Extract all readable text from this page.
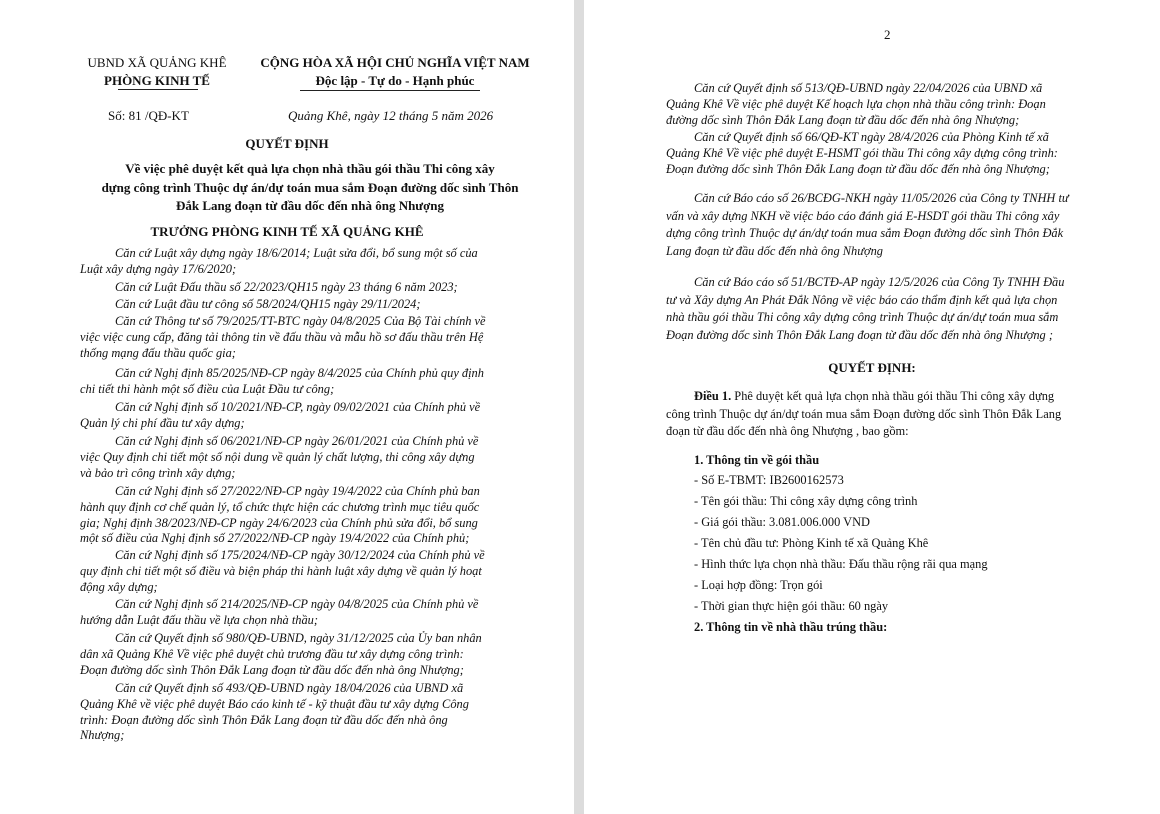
UBND XÃ QUẢNG KHÊ
PHÒNG KINH TẾ
CỘNG HÒA XÃ HỘI CHỦ NGHĨA VIỆT NAM
Độc lập - Tự do - Hạnh phúc
Số: 81 /QĐ-KT	Quảng Khê, ngày 12 tháng 5 năm 2026
QUYẾT ĐỊNH
Về việc phê duyệt kết quả lựa chọn nhà thầu gói thầu Thi công xây
dựng công trình Thuộc dự án/dự toán mua sắm Đoạn đường dốc sình Thôn
Đắk Lang đoạn từ đầu dốc đến nhà ông Nhượng
TRƯỞNG PHÒNG KINH TẾ XÃ QUẢNG KHÊ
Căn cứ Luật xây dựng ngày 18/6/2014; Luật sửa đổi, bổ sung một số của
Luật xây dựng ngày 17/6/2020;
Căn cứ Luật Đấu thầu số 22/2023/QH15 ngày 23 tháng 6 năm 2023;
Căn cứ Luật đầu tư công số 58/2024/QH15 ngày 29/11/2024;
Căn cứ Thông tư số 79/2025/TT-BTC ngày 04/8/2025 Của Bộ Tài chính về
việc việc cung cấp, đăng tải thông tin về đấu thầu và mẫu hồ sơ đấu thầu trên Hệ
thống mạng đấu thầu quốc gia;
Căn cứ Nghị định 85/2025/NĐ-CP ngày 8/4/2025 của Chính phủ quy định
chi tiết thi hành một số điều của Luật Đầu tư công;
Căn cứ Nghị định số 10/2021/NĐ-CP, ngày 09/02/2021 của Chính phủ về
Quản lý chi phí đầu tư xây dựng;
Căn cứ Nghị định số 06/2021/NĐ-CP ngày 26/01/2021 của Chính phủ về
việc Quy định chi tiết một số nội dung về quản lý chất lượng, thi công xây dựng
và bảo trì công trình xây dựng;
Căn cứ Nghị định số 27/2022/NĐ-CP ngày 19/4/2022 của Chính phủ ban
hành quy định cơ chế quản lý, tổ chức thực hiện các chương trình mục tiêu quốc
gia; Nghị định 38/2023/NĐ-CP ngày 24/6/2023 của Chính phủ sửa đổi, bổ sung
một số điều của Nghị định số 27/2022/NĐ-CP ngày 19/4/2022 của Chính phủ;
Căn cứ Nghị định số 175/2024/NĐ-CP ngày 30/12/2024 của Chính phủ về
quy định chi tiết một số điều và biện pháp thi hành luật xây dựng về quản lý hoạt
động xây dựng;
Căn cứ Nghị định số 214/2025/NĐ-CP ngày 04/8/2025 của Chính phủ về
hướng dẫn Luật đấu thầu về lựa chọn nhà thầu;
Căn cứ Quyết định số 980/QĐ-UBND, ngày 31/12/2025 của Ủy ban nhân
dân xã Quảng Khê Về việc phê duyệt chủ trương đầu tư xây dựng công trình:
Đoạn đường dốc sình Thôn Đắk Lang đoạn từ đầu dốc đến nhà ông Nhượng;
Căn cứ Quyết định số 493/QĐ-UBND ngày 18/04/2026 của UBND xã
Quảng Khê về việc phê duyệt Báo cáo kinh tế - kỹ thuật đầu tư xây dựng Công
trình: Đoạn đường dốc sình Thôn Đắk Lang đoạn từ đầu dốc đến nhà ông
Nhượng;
2
Căn cứ Quyết định số 513/QĐ-UBND ngày 22/04/2026 của UBND xã
Quảng Khê Về việc phê duyệt Kế hoạch lựa chọn nhà thầu công trình: Đoạn
đường dốc sình Thôn Đắk Lang đoạn từ đầu dốc đến nhà ông Nhượng;
Căn cứ Quyết định số 66/QĐ-KT ngày 28/4/2026 của Phòng Kinh tế xã
Quảng Khê Về việc phê duyệt E-HSMT gói thầu Thi công xây dựng công trình:
Đoạn đường dốc sình Thôn Đắk Lang đoạn từ đầu dốc đến nhà ông Nhượng;
Căn cứ Báo cáo số 26/BCĐG-NKH ngày 11/05/2026 của Công ty TNHH tư
vấn và xây dựng NKH về việc báo cáo đánh giá E-HSDT gói thầu Thi công xây
dựng công trình Thuộc dự án/dự toán mua sắm Đoạn đường dốc sình Thôn Đắk
Lang đoạn từ đầu dốc đến nhà ông Nhượng
Căn cứ Báo cáo số 51/BCTĐ-AP ngày 12/5/2026 của Công Ty TNHH Đầu
tư và Xây dựng An Phát Đắk Nông về việc báo cáo thẩm định kết quả lựa chọn
nhà thầu gói thầu Thi công xây dựng công trình Thuộc dự án/dự toán mua sắm
Đoạn đường dốc sình Thôn Đắk Lang đoạn từ đầu dốc đến nhà ông Nhượng ;
QUYẾT ĐỊNH:
Điều 1. Phê duyệt kết quả lựa chọn nhà thầu gói thầu Thi công xây dựng
công trình Thuộc dự án/dự toán mua sắm Đoạn đường dốc sình Thôn Đắk Lang
đoạn từ đầu dốc đến nhà ông Nhượng , bao gồm:
1. Thông tin về gói thầu
- Số E-TBMT: IB2600162573
- Tên gói thầu: Thi công xây dựng công trình
- Giá gói thầu: 3.081.006.000 VND
- Tên chủ đầu tư: Phòng Kinh tế xã Quảng Khê
- Hình thức lựa chọn nhà thầu: Đấu thầu rộng rãi qua mạng
- Loại hợp đồng: Trọn gói
- Thời gian thực hiện gói thầu: 60 ngày
2. Thông tin về nhà thầu trúng thầu:
